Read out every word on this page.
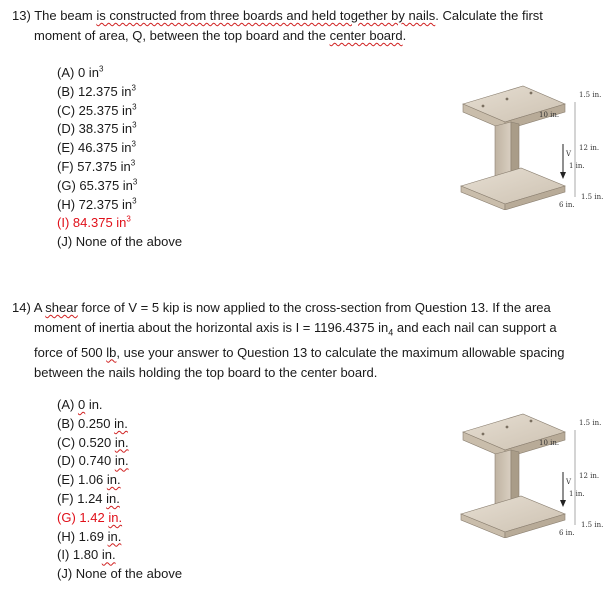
13) The beam is constructed from three boards and held together by nails. Calculate the first
moment of area, Q, between the top board and the center board.
(A) 0 $in^3$
(B) 12.375 $in^3$
(C) 25.375 $in^3$
(D) 38.375 $in^3$
(E) 46.375 $in^3$
(F) 57.375 $in^3$
(G) 65.375 $in^3$
(H) 72.375 $in^3$
(I) 84.375 $in^3$
(J) None of the above
V
1.5 in.
10 in.
12 in.
1 in.
1.5 in.
6 in.
14) A shear force of V = 5 kip is now applied to the cross-section from Question 13. If the area
moment of inertia about the horizontal axis is I = 1196.4375 $in_4$ and each nail can support a
force of 500 lb, use your answer to Question 13 to calculate the maximum allowable spacing
between the nails holding the top board to the center board.
(A) 0 in.
(B) 0.250 in.
(C) 0.520 in.
(D) 0.740 in.
(E) 1.06 in.
(F) 1.24 in.
(G) 1.42 in.
(H) 1.69 in.
(I) 1.80 in.
(J) None of the above
V
1.5 in.
10 in.
12 in.
1 in.
1.5 in.
6 in.
